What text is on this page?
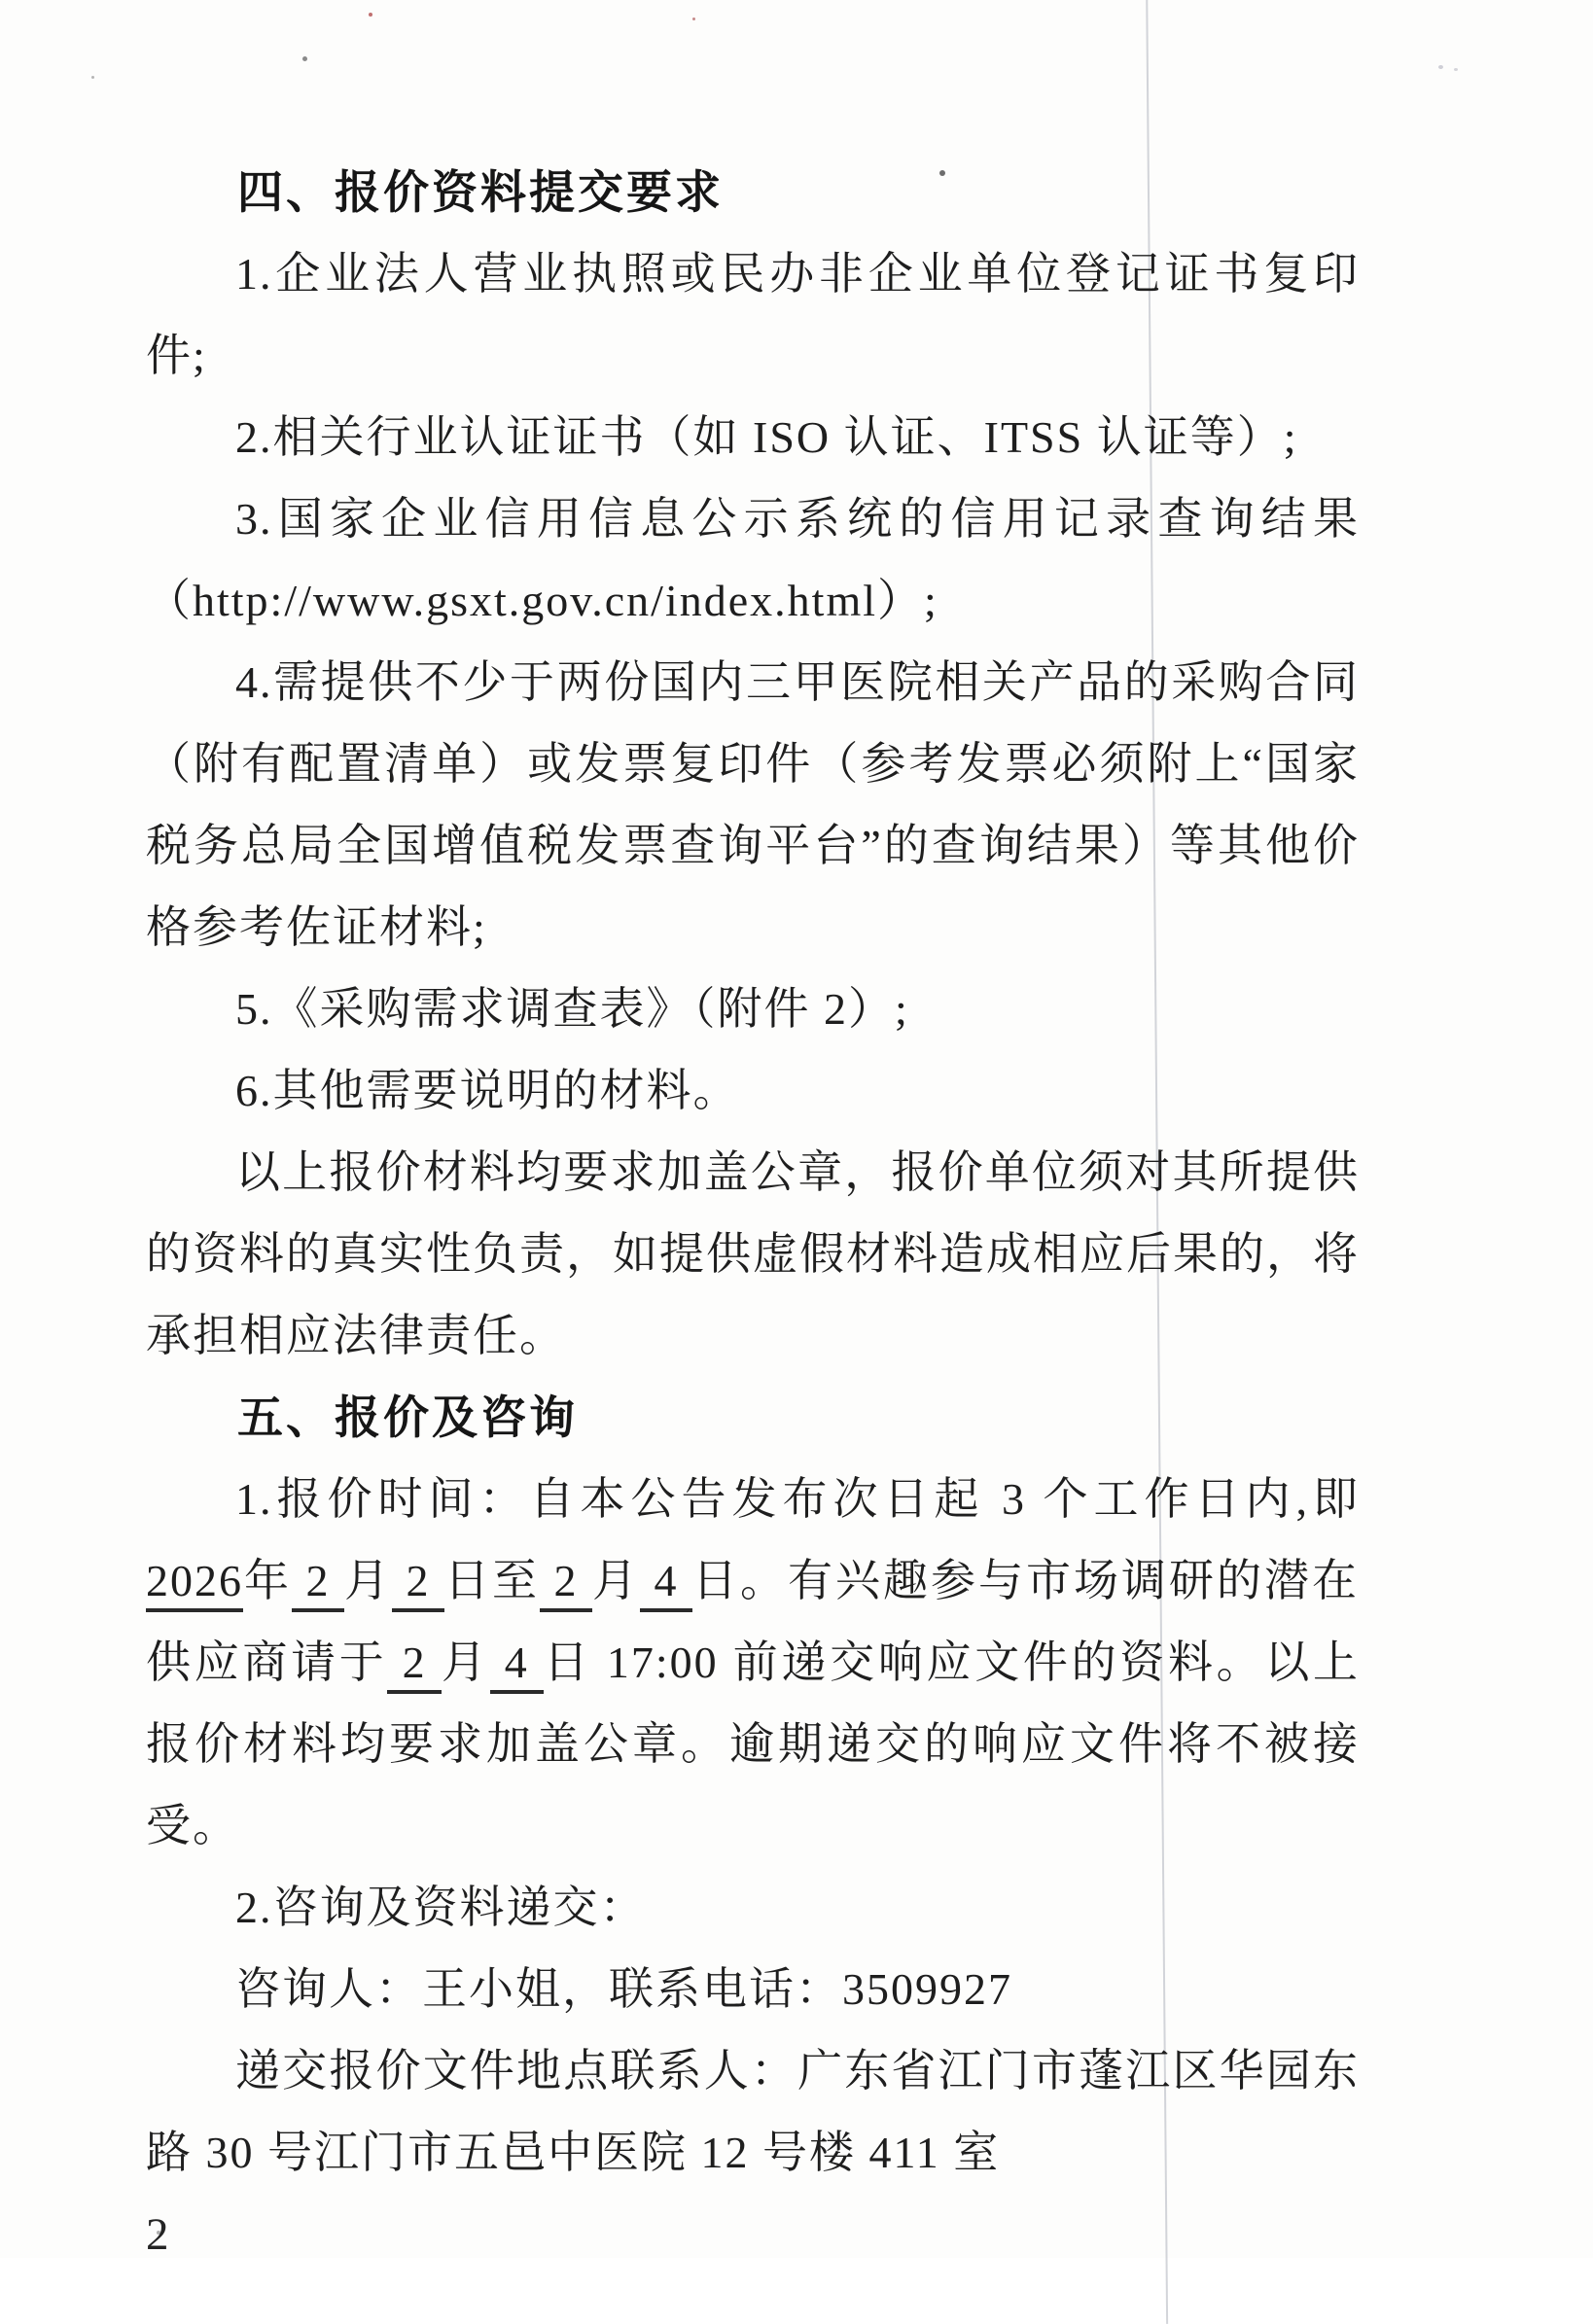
四、报价资料提交要求

1.企业法人营业执照或民办非企业单位登记证书复印件;

2.相关行业认证证书（如 ISO 认证、ITSS 认证等）;

3.国家企业信用信息公示系统的信用记录查询结果（http://www.gsxt.gov.cn/index.html）;

4.需提供不少于两份国内三甲医院相关产品的采购合同（附有配置清单）或发票复印件（参考发票必须附上“国家税务总局全国增值税发票查询平台”的查询结果）等其他价格参考佐证材料;

5.《采购需求调查表》（附件 2）;

6.其他需要说明的材料。

以上报价材料均要求加盖公章，报价单位须对其所提供的资料的真实性负责，如提供虚假材料造成相应后果的，将承担相应法律责任。

五、报价及咨询

1.报价时间：自本公告发布次日起 3 个工作日内,即 2026年 2 月 2 日至 2 月 4 日。有兴趣参与市场调研的潜在供应商请于 2 月 4 日 17:00 前递交响应文件的资料。以上报价材料均要求加盖公章。逾期递交的响应文件将不被接受。

2.咨询及资料递交：

咨询人：王小姐，联系电话：3509927

递交报价文件地点联系人：广东省江门市蓬江区华园东路 30 号江门市五邑中医院 12 号楼 411 室

2
